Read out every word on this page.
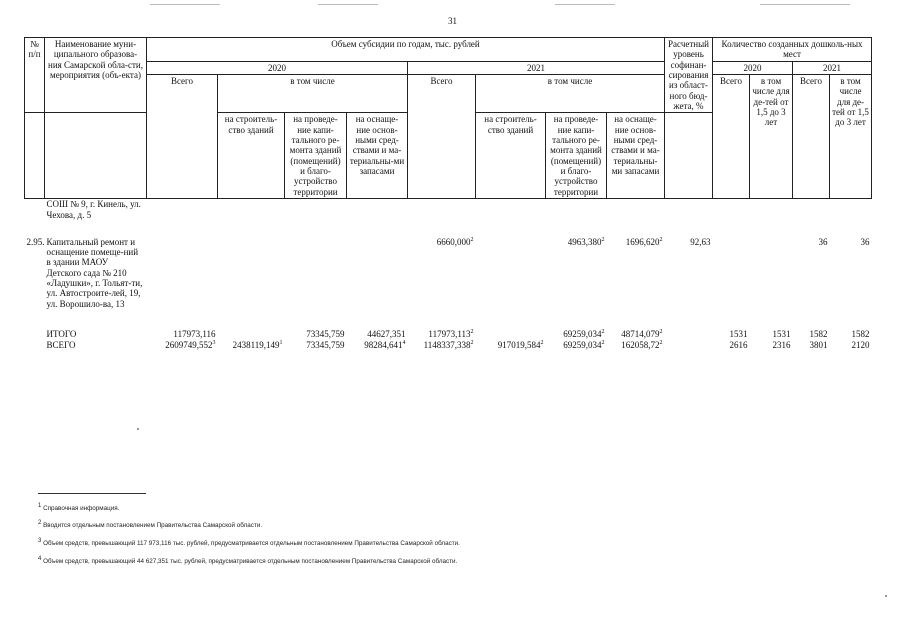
31
№ п/п	Наименование муни-ципального образова-ния Самарской обла-сти, мероприятия (объ-екта)	Объем субсидии по годам, тыс. рублей								Расчетный уровень софинан-сирования из област-ного бюд-жета, %	Количество созданных дошколь-ных мест			
		2020				2021					2020		2021	
		Всего	в том числе			Всего	в том числе				Всего	в том числе для де-тей от 1,5 до 3 лет	Всего	в том числе для де-тей от 1,5 до 3 лет
			на строитель-ство зданий	на проведе-ние капи-тального ре-монта зданий (помещений) и благо-устройство территории	на оснаще-ние основ-ными сред-ствами и ма-териальны-ми запасами		на строитель-ство зданий	на проведе-ние капи-тального ре-монта зданий (помещений) и благо-устройство территории	на оснаще-ние основ-ными сред-ствами и ма-териальны-ми запасами					
	СОШ № 9, г. Кинель, ул. Чехова, д. 5													
2.95.	Капитальный ремонт и оснащение помеще-ний в здании МАОУ Детского сада № 210 «Ладушки», г. Тольят-ти, ул. Автостроите-лей, 19, ул. Ворошило-ва, 13					6660,000$^2$		4963,380$^2$	1696,620$^2$	92,63			36	36
	ИТОГО	117973,116		73345,759	44627,351	117973,113$^2$		69259,034$^2$	48714,079$^2$		1531	1531	1582	1582
	ВСЕГО	2609749,552$^3$	2438119,149$^1$	73345,759	98284,641$^4$	1148337,338$^2$	917019,584$^2$	69259,034$^2$	162058,72$^2$		2616	2316	3801	2120
$^1$ Справочная информация.
$^2$ Вводится отдельным постановлением Правительства Самарской области.
$^3$ Объем средств, превышающий 117 973,116 тыс. рублей, предусматривается отдельным постановлением Правительства Самарской области.
$^4$ Объем средств, превышающий 44 627,351 тыс. рублей, предусматривается отдельным постановлением Правительства Самарской области.
